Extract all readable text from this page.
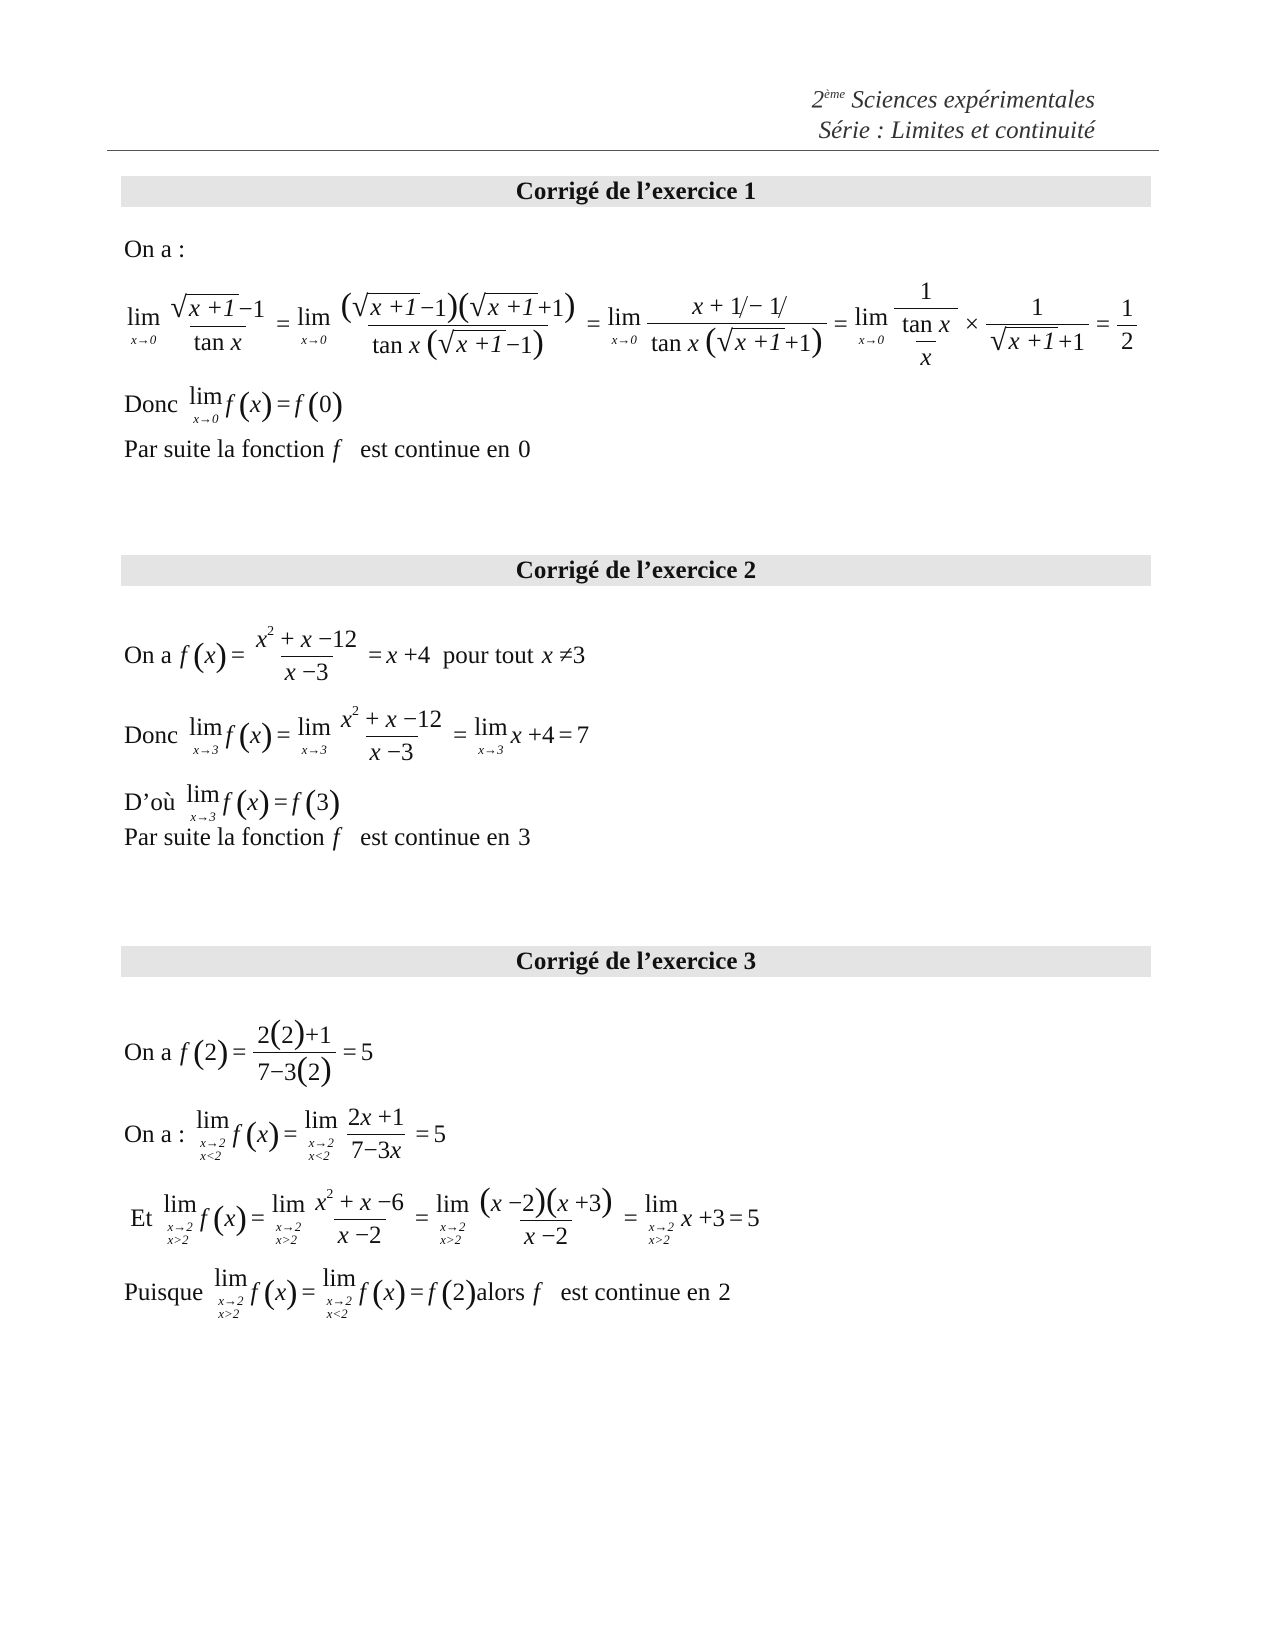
2ème Sciences expérimentales
Série : Limites et continuité
Corrigé de l’exercice 1
On a :
lim
$x\to 0 \frac{√ x +1 -1}{\text{tan x}} = \lim$
$x\to 0 \frac{( √ x +1 -1)( √ x +1 +1)}{\text{tan x ( √ x +1 −1)}} = \lim$
$x\to 0 \frac{x + 1 - 1}{\text{tan x ( √ x +1 +1)}} = \lim$
$x\to 0 \frac{1}{\frac{\text{tan x}}{x}} \times \frac{1}{√ x +1 +1} = \frac{1}{2}$
Donc lim
x→0
f
( x ) = f
( 0 )
Par suite la fonction f
est continue en 0
Corrigé de l’exercice 2
On a f
( x ) = $\frac{x^2 + x -12}{x -3} = x +4$ pour tout x ≠3
Donc lim
x→3
f
( x ) = lim
$x\to 3 \frac{x^2 + x -12}{x -3} = \lim$
x→3
x +4 = 7
D’où lim
x→3
f
( x ) = f
( 3 )
Par suite la fonction f
est continue en 3
Corrigé de l’exercice 3
On a f
( 2 ) = $\frac{2(2)+1}{7-3(2)} = 5$
On a :
lim
x→2
x<2
f
( x ) =
lim
x→2
$x<2 \frac{2x +1}{7-3x} = 5$

Et
lim
x→2
x>2
f
( x ) =
lim
x→2
$x>2 \frac{x^2 + x -6}{x -2}$ =
lim
x→2
$x>2 \frac{(x -2)(x +3)}{x -2}$ =
lim
x→2
x>2
x +3 = 5
Puisque
lim
x→2
x>2
f
( x ) =
lim
x→2
x<2
f
( x ) = f
( 2 ) alors f
est continue en 2
